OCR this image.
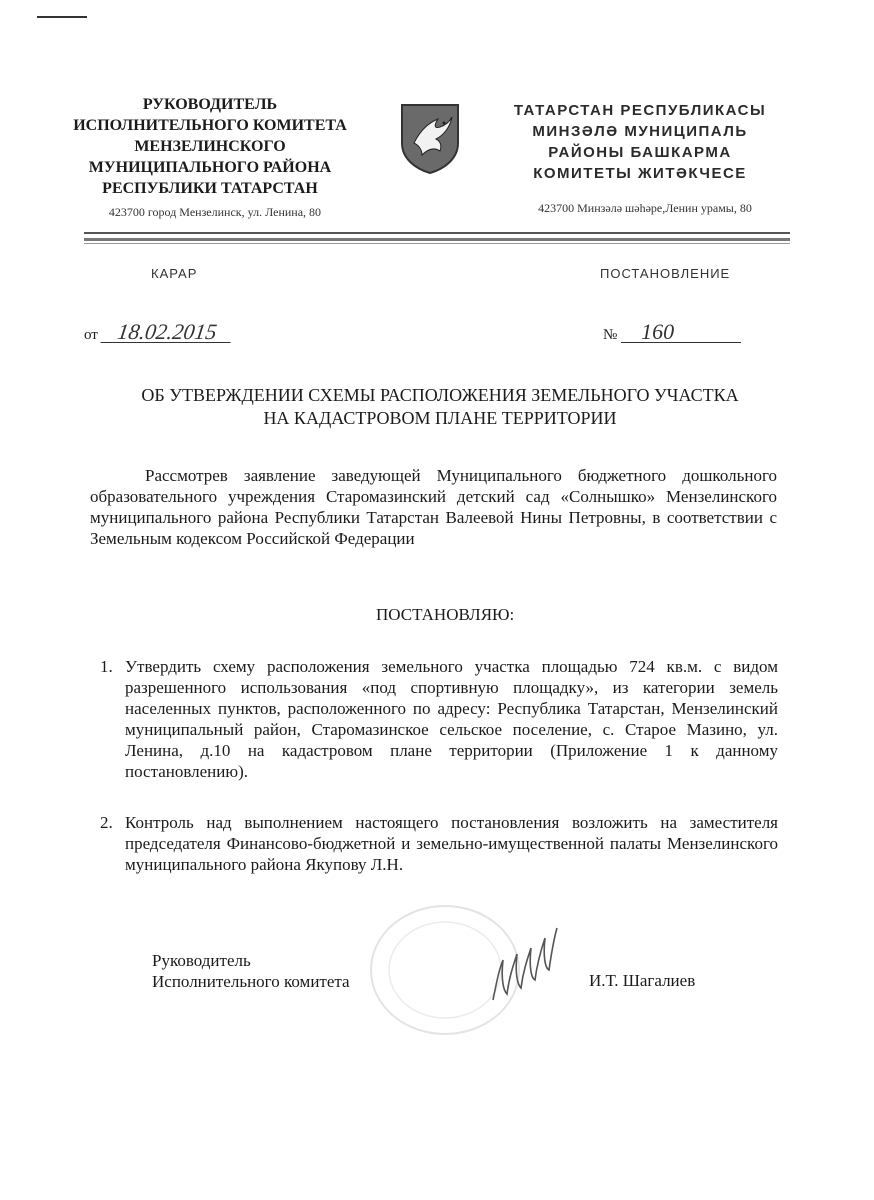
РУКОВОДИТЕЛЬ
ИСПОЛНИТЕЛЬНОГО КОМИТЕТА
МЕНЗЕЛИНСКОГО
МУНИЦИПАЛЬНОГО РАЙОНА
РЕСПУБЛИКИ ТАТАРСТАН
ТАТАРСТАН РЕСПУБЛИКАСЫ
МИНЗӘЛӘ МУНИЦИПАЛЬ
РАЙОНЫ БАШКАРМА
КОМИТЕТЫ ЖИТӘКЧЕСЕ
423700 город Мензелинск, ул. Ленина, 80	423700 Минзәлә шәһәре,Ленин урамы, 80
КАРАР	ПОСТАНОВЛЕНИЕ
от 18.02.2015	№ 160
ОБ УТВЕРЖДЕНИИ СХЕМЫ РАСПОЛОЖЕНИЯ ЗЕМЕЛЬНОГО УЧАСТКА
НА КАДАСТРОВОМ ПЛАНЕ ТЕРРИТОРИИ
Рассмотрев заявление заведующей Муниципального бюджетного дошкольного образовательного учреждения Старомазинский детский сад «Солнышко» Мензелинского муниципального района Республики Татарстан Валеевой Нины Петровны, в соответствии с Земельным кодексом Российской Федерации
ПОСТАНОВЛЯЮ:
1. Утвердить схему расположения земельного участка площадью 724 кв.м. с видом разрешенного использования «под спортивную площадку», из категории земель населенных пунктов, расположенного по адресу: Республика Татарстан, Мензелинский муниципальный район, Старомазинское сельское поселение, с. Старое Мазино, ул. Ленина, д.10 на кадастровом плане территории (Приложение 1 к данному постановлению).
2. Контроль над выполнением настоящего постановления возложить на заместителя председателя Финансово-бюджетной и земельно-имущественной палаты Мензелинского муниципального района Якупову Л.Н.
Руководитель
Исполнительного комитета	И.Т. Шагалиев
